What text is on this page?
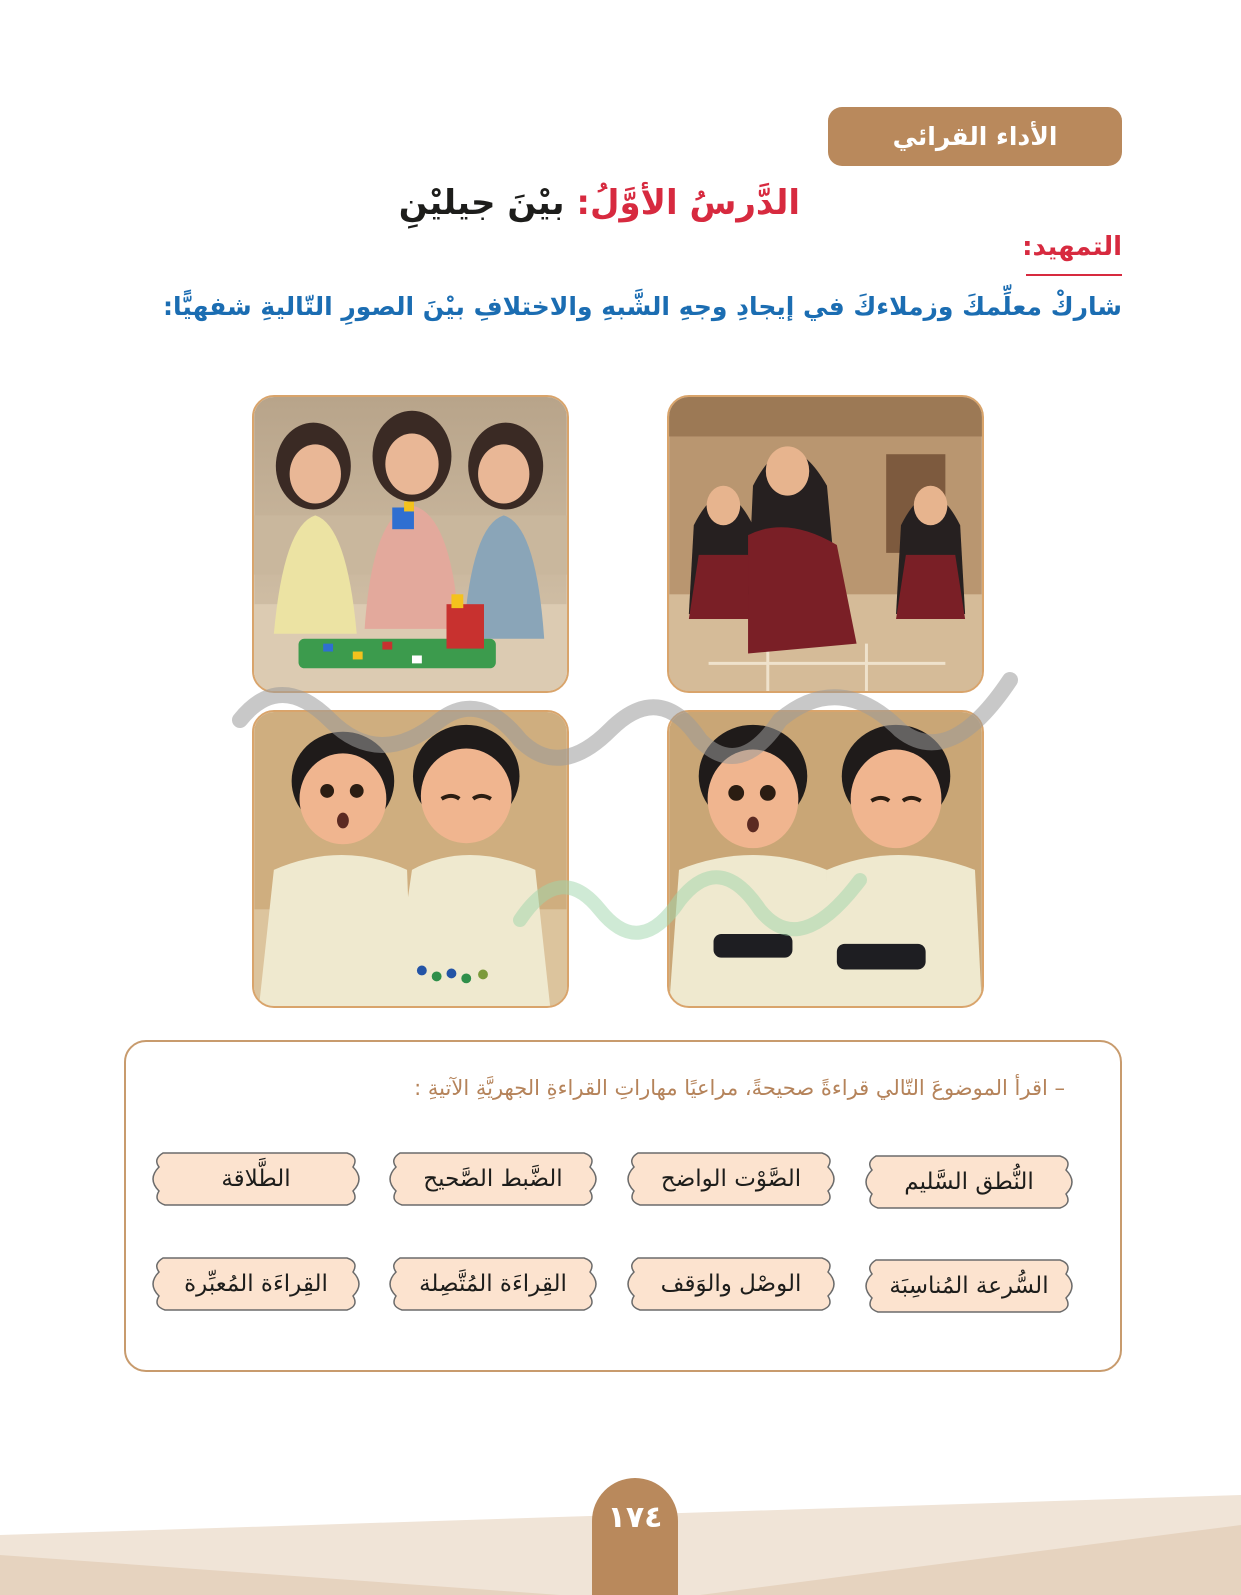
الأداء القرائي
الدَّرسُ الأوَّلُ: بيْنَ جيليْنِ
التمهيد:
شاركْ معلِّمكَ وزملاءكَ في إيجادِ وجهِ الشَّبهِ والاختلافِ بيْنَ الصورِ التّاليةِ شفهيًّا:
– اقرأ الموضوعَ التّالي قراءةً صحيحةً، مراعيًا مهاراتِ القراءةِ الجهريَّةِ الآتيةِ :
النُّطق السَّليم
الصَّوْت الواضح
الضَّبط الصَّحيح
الطَّلاقة
السُّرعة المُناسِبَة
الوصْل والوَقف
القِراءَة المُتَّصِلة
القِراءَة المُعبِّرة
١٧٤
